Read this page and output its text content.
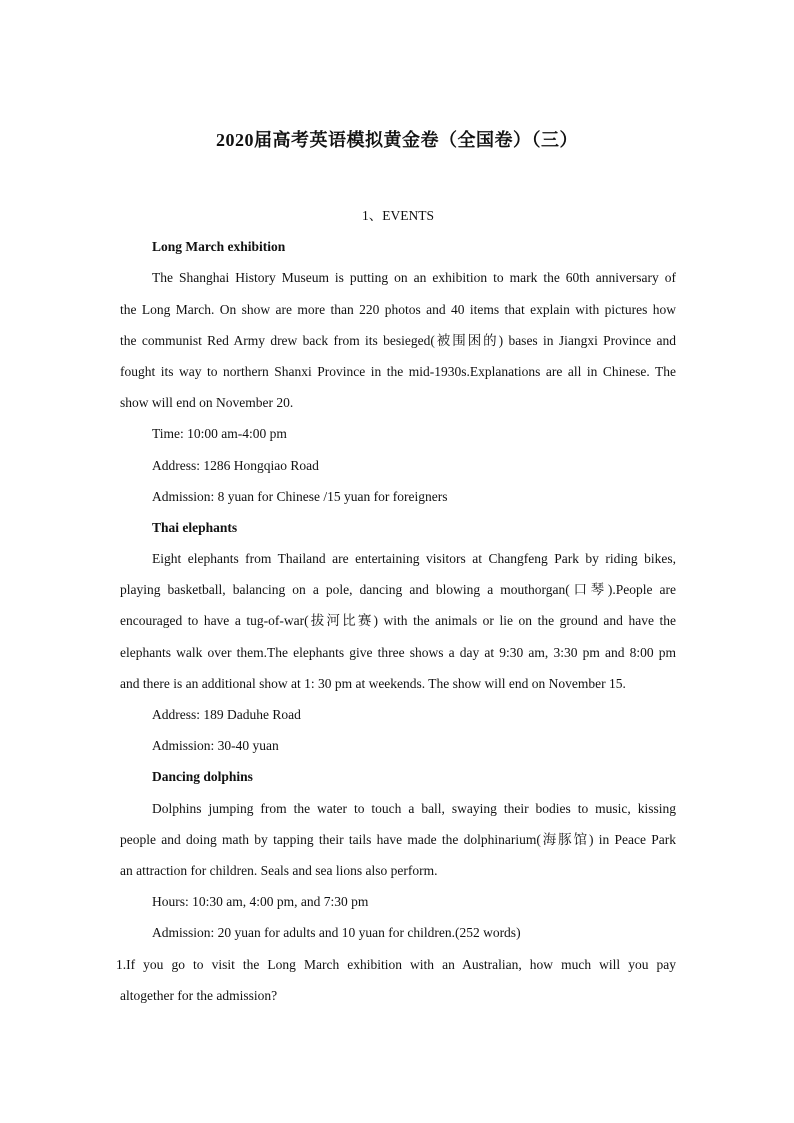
2020届高考英语模拟黄金卷（全国卷）（三）
1、EVENTS
Long March exhibition
The Shanghai History Museum is putting on an exhibition to mark the 60th anniversary of
the Long March. On show are more than 220 photos and 40 items that explain with pictures how
the communist Red Army drew back from its besieged(被围困的) bases in Jiangxi Province and
fought its way to northern Shanxi Province in the mid-1930s.Explanations are all in Chinese. The
show will end on November 20.
Time: 10:00 am-4:00 pm
Address: 1286 Hongqiao Road
Admission: 8 yuan for Chinese /15 yuan for foreigners
Thai elephants
Eight elephants from Thailand are entertaining visitors at Changfeng Park by riding bikes,
playing basketball, balancing on a pole, dancing and blowing a mouthorgan(口琴).People are
encouraged to have a tug-of-war(拔河比赛) with the animals or lie on the ground and have the
elephants walk over them.The elephants give three shows a day at 9:30 am, 3:30 pm and 8:00 pm
and there is an additional show at 1: 30 pm at weekends. The show will end on November 15.
Address: 189 Daduhe Road
Admission: 30-40 yuan
Dancing dolphins
Dolphins jumping from the water to touch a ball, swaying their bodies to music, kissing
people and doing math by tapping their tails have made the dolphinarium(海豚馆) in Peace Park
an attraction for children. Seals and sea lions also perform.
Hours: 10:30 am, 4:00 pm, and 7:30 pm
Admission: 20 yuan for adults and 10 yuan for children.(252 words)
1.If you go to visit the Long March exhibition with an Australian, how much will you pay
altogether for the admission?
